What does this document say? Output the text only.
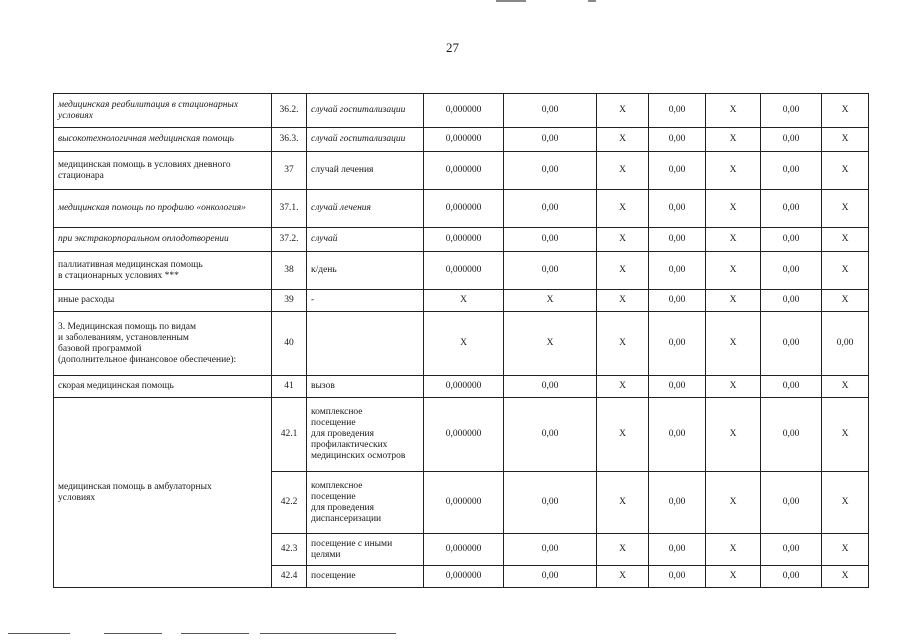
27
медицинская реабилитация в стационарных условиях	36.2.	случай госпитализации	0,000000	0,00	Х	0,00	Х	0,00	Х
высокотехнологичная медицинская помощь	36.3.	случай госпитализации	0,000000	0,00	Х	0,00	Х	0,00	Х
медицинская помощь в условиях дневного стационара	37	случай лечения	0,000000	0,00	Х	0,00	Х	0,00	Х
медицинская помощь по профилю «онкология»	37.1.	случай лечения	0,000000	0,00	Х	0,00	Х	0,00	Х
при экстракорпоральном оплодотворении	37.2.	случай	0,000000	0,00	Х	0,00	Х	0,00	Х
паллиативная медицинская помощь
в стационарных условиях ***	38	к/день	0,000000	0,00	Х	0,00	Х	0,00	Х
иные расходы	39	-	Х	Х	Х	0,00	Х	0,00	Х
3. Медицинская помощь по видам
и заболеваниям, установленным
базовой программой
(дополнительное финансовое обеспечение):	40		Х	Х	Х	0,00	Х	0,00	0,00
скорая медицинская помощь	41	вызов	0,000000	0,00	Х	0,00	Х	0,00	Х
медицинская помощь в амбулаторных
условиях	42.1	комплексное
посещение
для проведения
профилактических
медицинских осмотров	0,000000	0,00	Х	0,00	Х	0,00	Х
	42.2	комплексное
посещение
для проведения
диспансеризации	0,000000	0,00	Х	0,00	Х	0,00	Х
	42.3	посещение с иными
целями	0,000000	0,00	Х	0,00	Х	0,00	Х
	42.4	посещение	0,000000	0,00	Х	0,00	Х	0,00	Х
